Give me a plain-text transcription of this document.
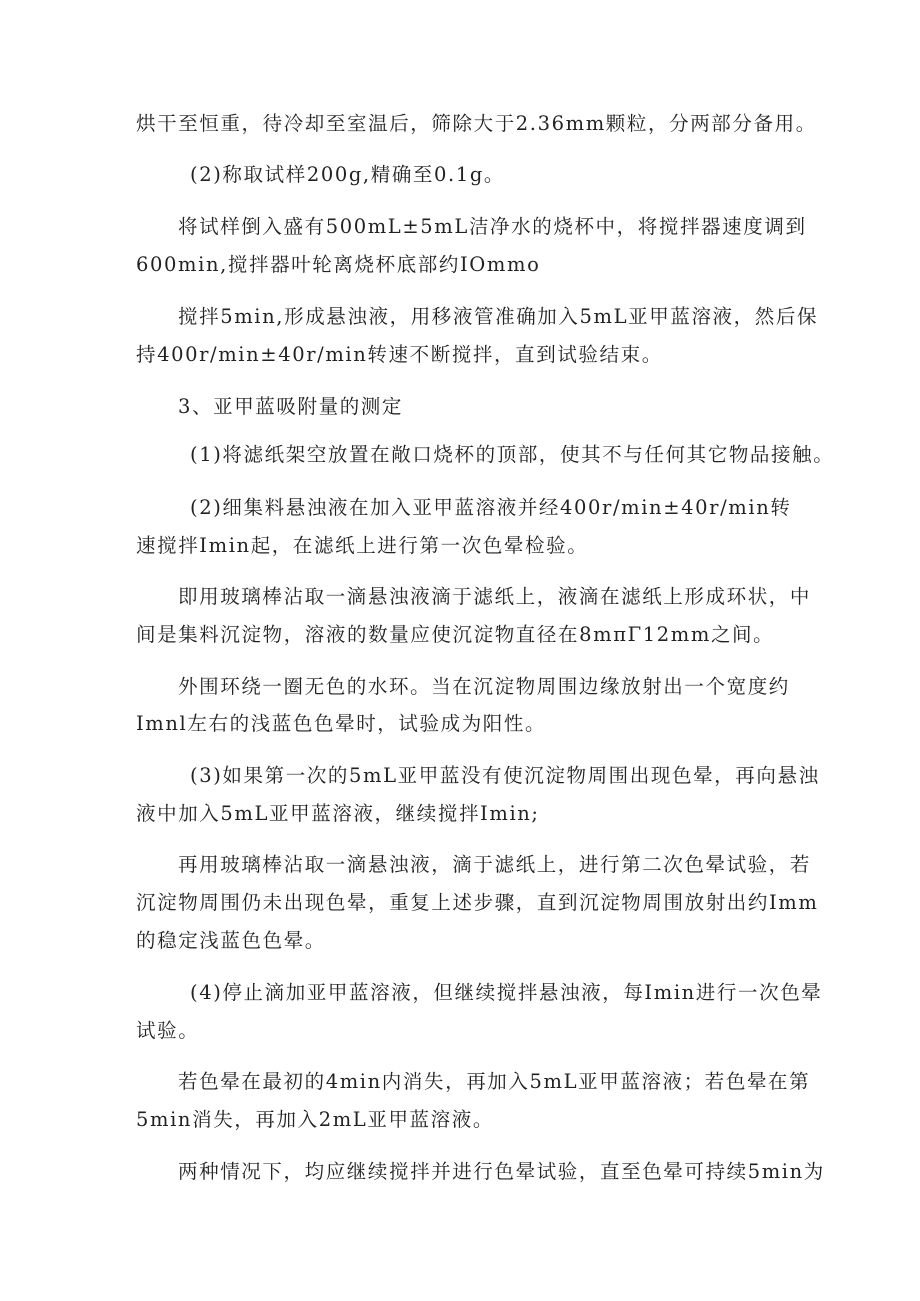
烘干至恒重，待冷却至室温后，筛除大于2.36mm颗粒，分两部分备用。
(2)称取试样200g,精确至0.1g。
将试样倒入盛有500mL±5mL洁净水的烧杯中，将搅拌器速度调到
600min,搅拌器叶轮离烧杯底部约IOmmo
搅拌5min,形成悬浊液，用移液管准确加入5mL亚甲蓝溶液，然后保
持400r/min±40r/min转速不断搅拌，直到试验结束。
3、亚甲蓝吸附量的测定
(1)将滤纸架空放置在敞口烧杯的顶部，使其不与任何其它物品接触。
(2)细集料悬浊液在加入亚甲蓝溶液并经400r/min±40r/min转
速搅拌Imin起，在滤纸上进行第一次色晕检验。
即用玻璃棒沾取一滴悬浊液滴于滤纸上，液滴在滤纸上形成环状，中
间是集料沉淀物，溶液的数量应使沉淀物直径在8mπΓ12mm之间。
外围环绕一圈无色的水环。当在沉淀物周围边缘放射出一个宽度约
Imnl左右的浅蓝色色晕时，试验成为阳性。
(3)如果第一次的5mL亚甲蓝没有使沉淀物周围出现色晕，再向悬浊
液中加入5mL亚甲蓝溶液，继续搅拌Imin;
再用玻璃棒沾取一滴悬浊液，滴于滤纸上，进行第二次色晕试验，若
沉淀物周围仍未出现色晕，重复上述步骤，直到沉淀物周围放射出约Imm
的稳定浅蓝色色晕。
(4)停止滴加亚甲蓝溶液，但继续搅拌悬浊液，每Imin进行一次色晕
试验。
若色晕在最初的4min内消失，再加入5mL亚甲蓝溶液；若色晕在第
5min消失，再加入2mL亚甲蓝溶液。
两种情况下，均应继续搅拌并进行色晕试验，直至色晕可持续5min为
